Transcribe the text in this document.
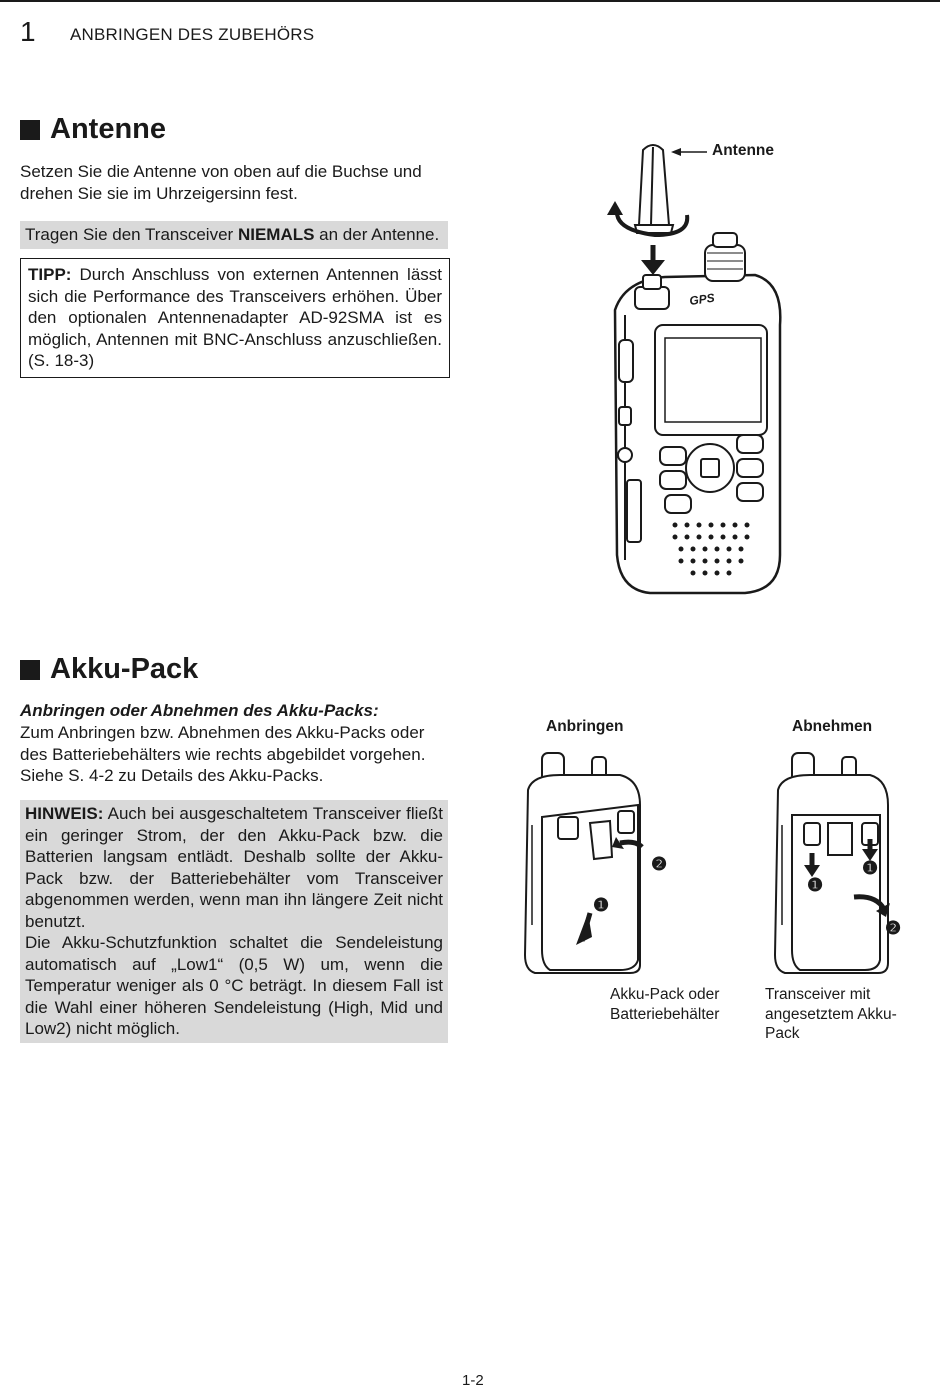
1 ANBRINGEN DES ZUBEHÖRS
Antenne
Setzen Sie die Antenne von oben auf die Buchse und drehen Sie sie im Uhrzeigersinn fest.
Tragen Sie den Transceiver NIEMALS an der Antenne.
TIPP: Durch Anschluss von externen Antennen lässt sich die Performance des Transceivers erhöhen. Über den optionalen Antennenadapter AD-92SMA ist es möglich, Antennen mit BNC-Anschluss anzuschließen. (S. 18-3)
GPS
Antenne
Akku-Pack
Anbringen oder Abnehmen des Akku-Packs:
Zum Anbringen bzw. Abnehmen des Akku-Packs oder des Batteriebehälters wie rechts abgebildet vorgehen. Siehe S. 4-2 zu Details des Akku-Packs.
HINWEIS: Auch bei ausgeschaltetem Transceiver fließt ein geringer Strom, der den Akku-Pack bzw. die Batterien langsam entlädt. Deshalb sollte der Akku-Pack bzw. der Batteriebehälter vom Transceiver abgenommen werden, wenn man ihn längere Zeit nicht benutzt.
Die Akku-Schutzfunktion schaltet die Sendeleistung automatisch auf „Low1“ (0,5 W) um, wenn die Temperatur weniger als 0 °C beträgt. In diesem Fall ist die Wahl einer höheren Sendeleistung (High, Mid und Low2) nicht möglich.
Anbringen	Abnehmen
❶
❷
❶
❶
❷
Akku-Pack oder Batteriebehälter
Transceiver mit angesetztem Akku-Pack
1-2
